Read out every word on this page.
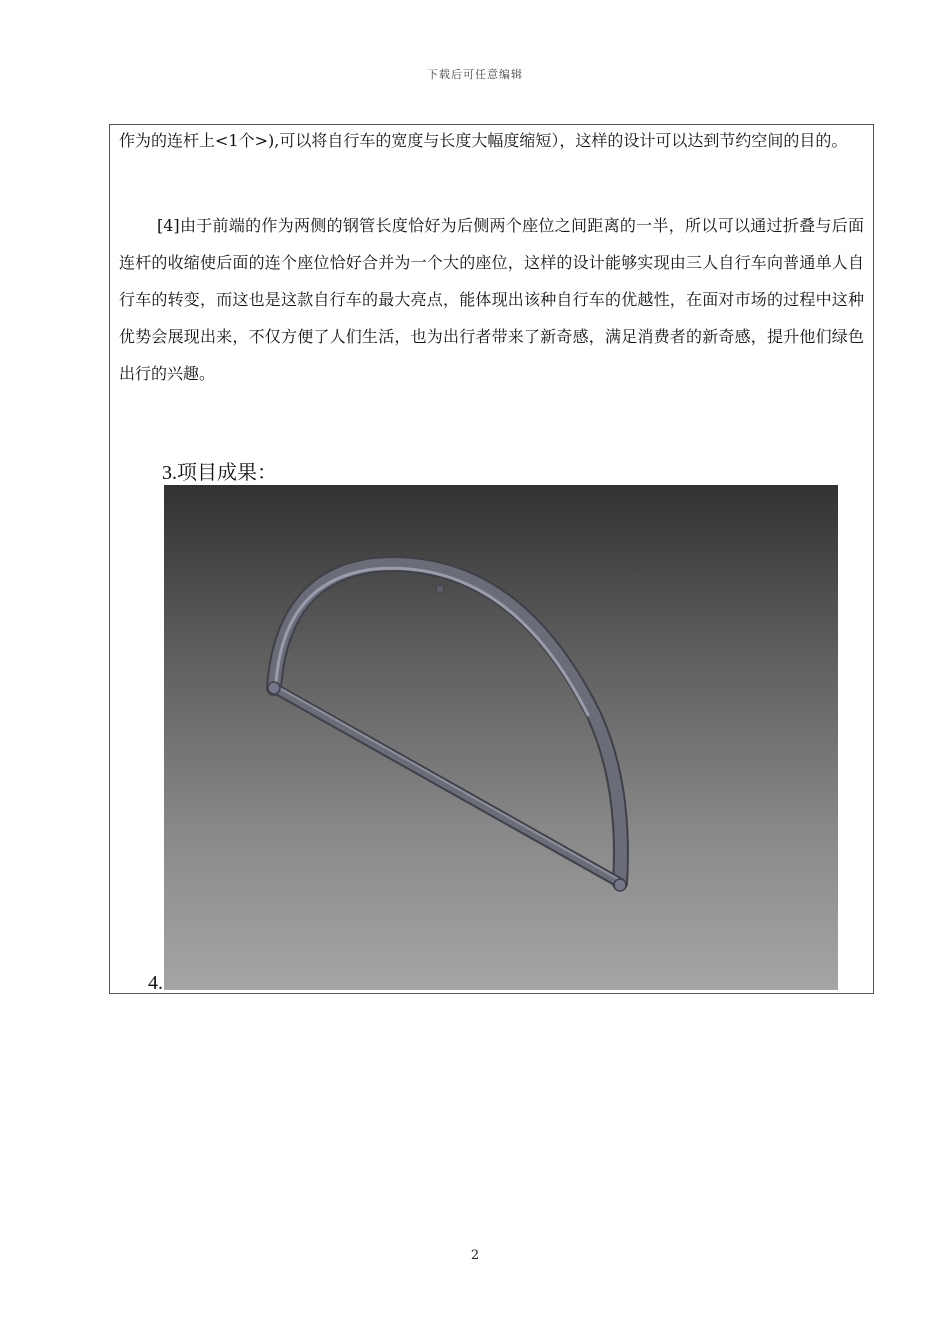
下载后可任意编辑

作为的连杆上<1个>),可以将自行车的宽度与长度大幅度缩短），这样的设计可以达到节约空间的目的。

[4]由于前端的作为两侧的钢管长度恰好为后侧两个座位之间距离的一半，所以可以通过折叠与后面连杆的收缩使后面的连个座位恰好合并为一个大的座位，这样的设计能够实现由三人自行车向普通单人自行车的转变，而这也是这款自行车的最大亮点，能体现出该种自行车的优越性，在面对市场的过程中这种优势会展现出来，不仅方便了人们生活，也为出行者带来了新奇感，满足消费者的新奇感，提升他们绿色出行的兴趣。

3.项目成果：
4.
2
